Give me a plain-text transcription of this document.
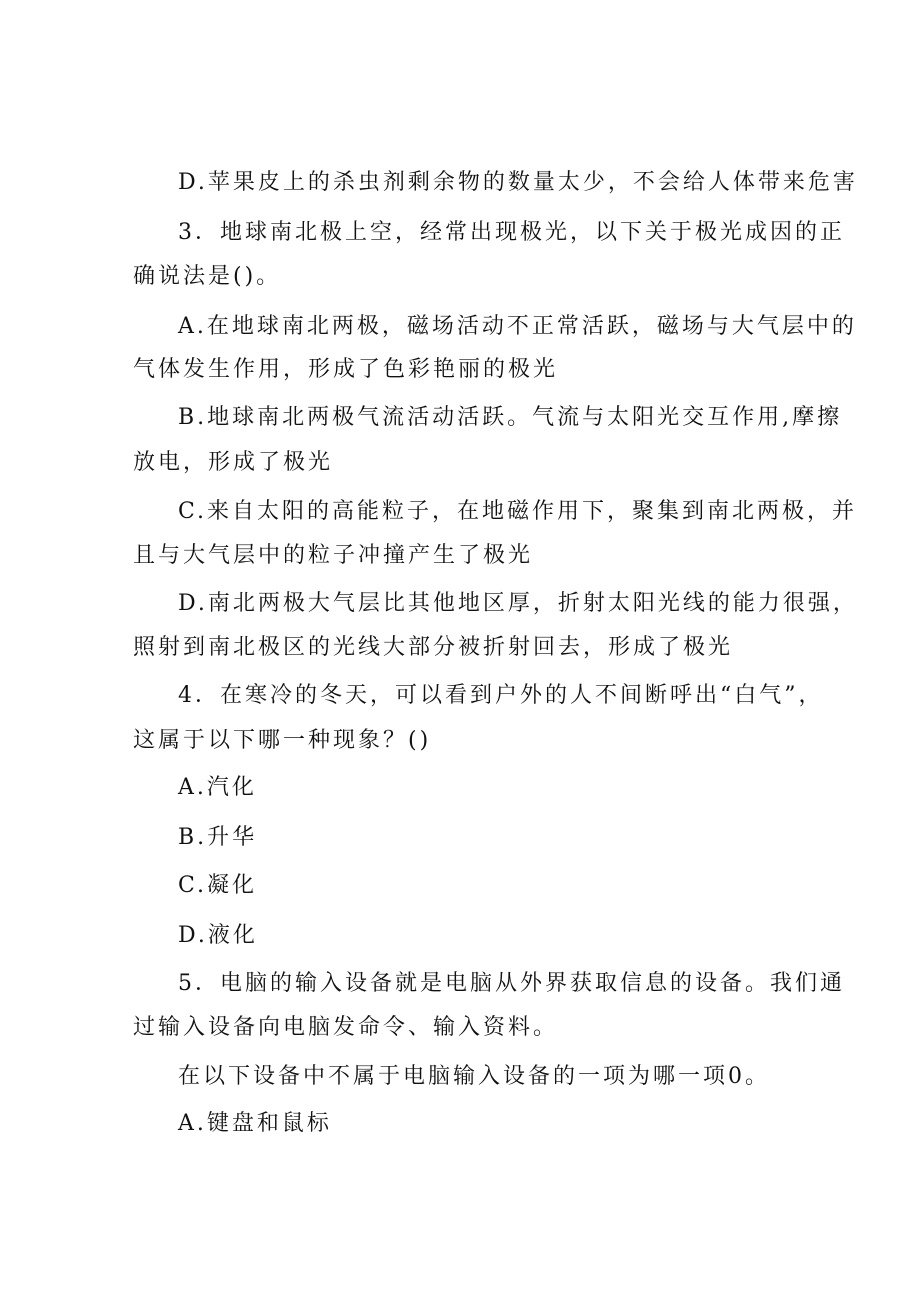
D.苹果皮上的杀虫剂剩余物的数量太少，不会给人体带来危害
3．地球南北极上空，经常出现极光，以下关于极光成因的正
确说法是()。
A.在地球南北两极，磁场活动不正常活跃，磁场与大气层中的
气体发生作用，形成了色彩艳丽的极光
B.地球南北两极气流活动活跃。气流与太阳光交互作用,摩擦
放电，形成了极光
C.来自太阳的高能粒子，在地磁作用下，聚集到南北两极，并
且与大气层中的粒子冲撞产生了极光
D.南北两极大气层比其他地区厚，折射太阳光线的能力很强，
照射到南北极区的光线大部分被折射回去，形成了极光
4．在寒冷的冬天，可以看到户外的人不间断呼出“白气”，
这属于以下哪一种现象？()
A.汽化
B.升华
C.凝化
D.液化
5．电脑的输入设备就是电脑从外界获取信息的设备。我们通
过输入设备向电脑发命令、输入资料。
在以下设备中不属于电脑输入设备的一项为哪一项0。
A.键盘和鼠标
